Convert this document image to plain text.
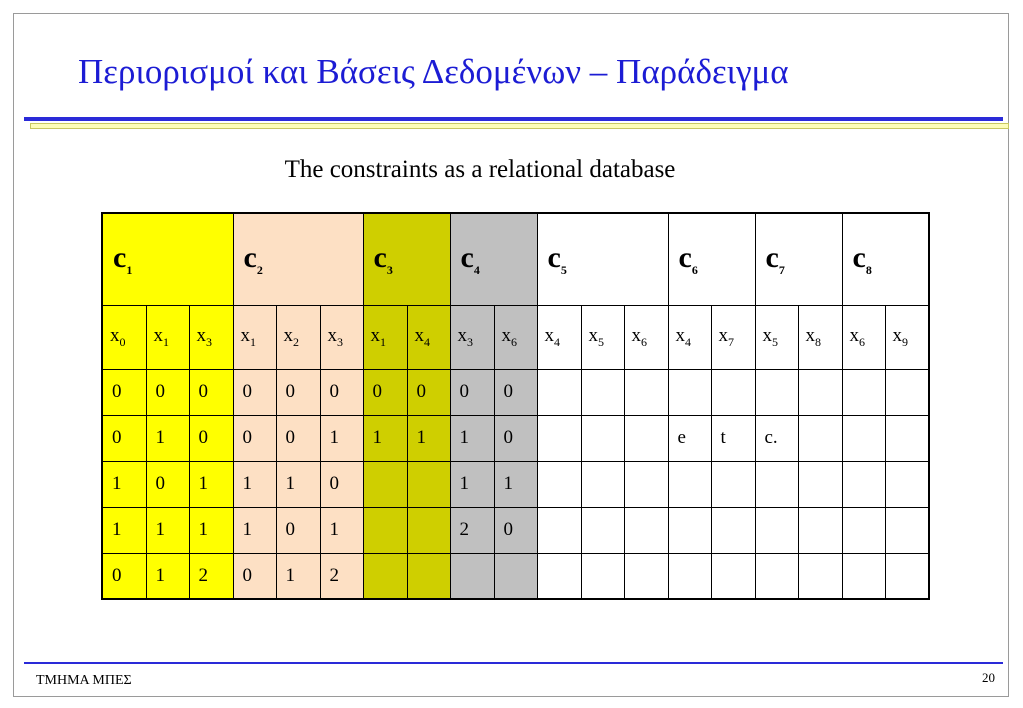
Περιορισμοί και Βάσεις Δεδομένων – Παράδειγμα
The constraints as a relational database
$c_1$			$c_2$			$c_3$		$c_4$		$c_5$			$c_6$		$c_7$		$c_8$
$x_0$	$x_1$	$x_3$	$x_1$	$x_2$	$x_3$	$x_1$	$x_4$	$x_3$	$x_6$	$x_4$	$x_5$	$x_6$	$x_4$	$x_7$	$x_5$	$x_8$	$x_6$	$x_9$
0	0	0	0	0	0	0	0	0	0									
0	1	0	0	0	1	1	1	1	0				e	t	c.			
1	0	1	1	1	0			1	1									
1	1	1	1	0	1			2	0									
0	1	2	0	1	2													
ΤΜΗΜΑ ΜΠΕΣ	20
